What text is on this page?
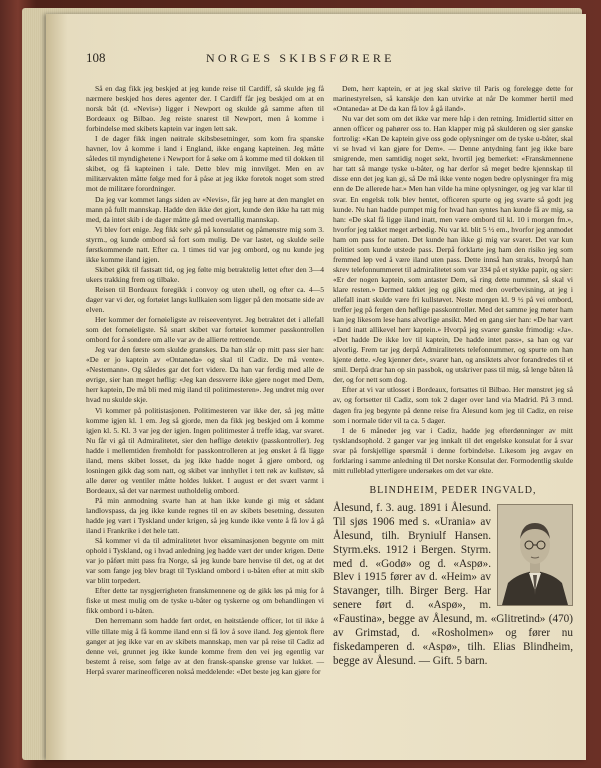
108	NORGES SKIBSFØRERE

Så en dag fikk jeg beskjed at jeg kunde reise til Cardiff, så skulde jeg få nærmere beskjed hos deres agenter der. I Cardiff får jeg beskjed om at en norsk båt (d. «Nevis») ligger i Newport og skulde gå samme aften til Bordeaux og Bilbao. Jeg reiste snarest til Newport, men å komme i forbindelse med skibets kaptein var ingen lett sak.

I de dager fikk ingen nøitrale skibsbesetninger, som kom fra spanske havner, lov å komme i land i England, ikke engang kapteinen. Jeg måtte således til myndighetene i Newport for å søke om å komme med til dokken til skibet, og få kapteinen i tale. Dette blev mig innvilget. Men en av militærvakten måtte følge med for å påse at jeg ikke foretok noget som stred mot de militære forordninger.

Da jeg var kommet langs siden av «Nevis», får jeg høre at den manglet en mann på fullt mannskap. Hadde den ikke det gjort, kunde den ikke ha tatt mig med, da intet skib i de dager måtte gå med overtallig mannskap.

Vi blev fort enige. Jeg fikk selv gå på konsulatet og påmønstre mig som 3. styrm., og kunde ombord så fort som mulig. De var lastet, og skulde seile førstkommende natt. Efter ca. 1 times tid var jeg ombord, og nu kunde jeg ikke komme iland igjen.

Skibet gikk til fastsatt tid, og jeg følte mig betraktelig lettet efter den 3—4 ukers trakking frem og tilbake.

Reisen til Bordeaux foregikk i convoy og uten uhell, og efter ca. 4—5 dager var vi der, og fortøiet langs kullkaien som ligger på den motsatte side av elven.

Her kommer der fornøieligste av reiseeventyret. Jeg betraktet det i allefall som det fornøieligste. Så snart skibet var fortøiet kommer passkontrollen ombord for å sondere om alle var av de allierte rettroende.

Jeg var den første som skulde granskes. Da han slår op mitt pass sier han: «De er jo kaptein av «Ontaneda» og skal til Cadiz. De må vente». «Nestemann». Og således gar det fort videre. Da han var ferdig med alle de øvrige, sier han meget høflig: «Jeg kan dessverre ikke gjøre noget med Dem, herr kaptein, De må bli med mig iland til politimesteren». Jeg undret mig over hvad nu skulde skje.

Vi kommer på politistasjonen. Politimesteren var ikke der, så jeg måtte komme igjen kl. 1 em. Jeg så gjorde, men da fikk jeg beskjed om å komme igjen kl. 5. Kl. 3 var jeg der igjen. Ingen politimester å treffe idag, var svaret. Nu får vi gå til Admiralitetet, sier den høflige detektiv (passkontroller). Jeg hadde i mellemtiden fremholdt for passkontrolleren at jeg ønsket å få ligge iland, mens skibet losset, da jeg ikke hadde noget å gjøre ombord, og losningen gikk dag som natt, og skibet var innhyllet i tett røk av kullstøv, så alle dører og ventiler måtte holdes lukket. I august er det svært varmt i Bordeaux, så det var nærmest uutholdelig ombord.

På min anmodning svarte han at han ikke kunde gi mig et sådant landlovspass, da jeg ikke kunde regnes til en av skibets besetning, dessuten hadde jeg vært i Tyskland under krigen, så jeg kunde ikke vente å få lov å gå iland i Frankrike i det hele tatt.

Så kommer vi da til admiralitetet hvor eksaminasjonen begynte om mitt ophold i Tyskland, og i hvad anledning jeg hadde vært der under krigen. Dette var jo påført mitt pass fra Norge, så jeg kunde bare henvise til det, og at det var som fange jeg blev bragt til Tyskland ombord i u-båten efter at mitt skib var blitt torpedert.

Efter dette tar nysgjerrigheten franskmennene og de gikk løs på mig for å fiske ut mest mulig om de tyske u-båter og tyskerne og om behandlingen vi fikk ombord i u-båten.

Den herremann som hadde ført ordet, en høitstående officer, lot til ikke å ville tillate mig å få komme iland enn si få lov å sove iland. Jeg gjentok flere ganger at jeg ikke var en av skibets mannskap, men var på reise til Cadiz ad denne vei, grunnet jeg ikke kunde komme frem den vei jeg egentlig var bestemt å reise, som følge av at den fransk-spanske grense var lukket. — Herpå svarer marineofficeren nokså meddelende: «Det beste jeg kan gjøre for

Dem, herr kaptein, er at jeg skal skrive til Paris og forelegge dette for marinestyrelsen, så kanskje den kan utvirke at når De kommer hertil med «Ontaneda» at De da kan få lov å gå iland».

Nu var det som om det ikke var mere håp i den retning. Imidlertid sitter en annen officer og pahører oss to. Han klapper mig på skulderen og sier ganske fortrolig: «Kan De kaptein give oss gode oplysninger om de tyske u-båter, skal vi se hvad vi kan gjøre for Dem». — Denne antydning fant jeg ikke bare smigrende, men samtidig noget sekt, hvortil jeg bemerket: «Franskmennene har tatt så mange tyske u-båter, og har derfor så meget bedre kjennskap til disse enn det jeg kan gi, så De må ikke vente nogen bedre oplysninger fra mig enn de De allerede har.» Men han vilde ha mine oplysninger, og jeg var klar til svar. En engelsk tolk blev hentet, officeren spurte og jeg svarte så godt jeg kunde. Nu han hadde pumpet mig for hvad han syntes han kunde få av mig, sa han: «De skal få ligge iland inatt, men være ombord til kl. 10 i morgen fm.», hvorfor jeg takket meget ærbødig. Nu var kl. blit 5 ½ em., hvorfor jeg anmodet ham om pass for natten. Det kunde han ikke gi mig var svaret. Det var kun politiet som kunde utstede pass. Derpå forklarte jeg ham den risiko jeg som fremmed løp ved å være iland uten pass. Dette innså han straks, hvorpå han skrev telefonnummeret til admiralitetet som var 334 på et stykke papir, og sier: «Er der nogen kaptein, som antaster Dem, så ring dette nummer, så skal vi klare resten.» Dermed takket jeg og gikk med den overbevisning, at jeg i allefall inatt skulde være fri kullstøvet. Neste morgen kl. 9 ½ på vei ombord, treffer jeg på fergen den høflige passkontrollør. Med det samme jeg møter ham kan jeg likesom lese hans alvorlige ansikt. Med en gang sier han: «De har vært i land inatt allikevel herr kaptein.» Hvorpå jeg svarer ganske frimodig: «Ja». «Det hadde De ikke lov til kaptein, De hadde intet pass», sa han og var alvorlig. Frem tar jeg derpå Admiralitetets telefonnummer, og spurte om han kjente dette. «Jeg kjenner det», svarer han, og ansiktets alvor forandredes til et smil. Derpå drar han op sin passbok, og utskriver pass til mig, så lenge båten lå der, og for nett som dog.

Efter at vi var utlosset i Bordeaux, fortsattes til Bilbao. Her mønstret jeg så av, og fortsetter til Cadiz, som tok 2 dager over land via Madrid. På 3 mnd. dagen fra jeg begynte på denne reise fra Ålesund kom jeg til Cadiz, en reise som i normale tider vil ta ca. 5 dager.

I de 6 måneder jeg var i Cadiz, hadde jeg efterdønninger av mitt tysklandsophold. 2 ganger var jeg innkalt til det engelske konsulat for å svar svar på forskjellige spørsmål i denne forbindelse. Likesom jeg avgav en forklaring i samme anledning til Det norske Konsulat der. Formodentlig skulde mitt rulleblad ytterligere undersøkes om det var ekte.

BLINDHEIM, PEDER INGVALD,

Ålesund, f. 3. aug. 1891 i Ålesund. Til sjøs 1906 med s. «Urania» av Ålesund, tilh. Bryniulf Hansen. Styrm.eks. 1912 i Bergen. Styrm. med d. «Godø» og d. «Aspø». Blev i 1915 fører av d. «Heim» av Stavanger, tilh. Birger Berg. Har senere ført d. «Aspø», m. «Faustina», begge av Ålesund, m. «Glitretind» (470) av Grimstad, d. «Rosholmen» og fører nu fiskedamperen d. «Aspø», tilh. Elias Blindheim, begge av Ålesund. — Gift. 5 barn.
